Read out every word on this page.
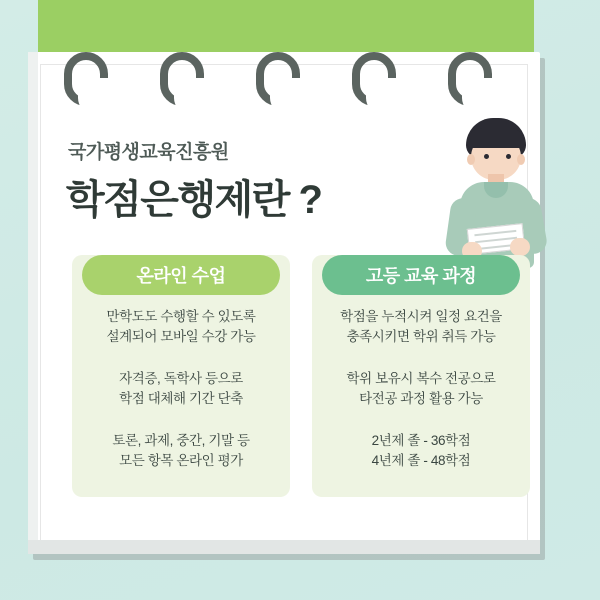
국가평생교육진흥원
학점은행제란 ?
온라인 수업
만학도도 수행할 수 있도록
설계되어 모바일 수강 가능
자격증, 독학사 등으로
학점 대체해 기간 단축
토론, 과제, 중간, 기말 등
모든 항목 온라인 평가
고등 교육 과정
학점을 누적시켜 일정 요건을
충족시키면 학위 취득 가능
학위 보유시 복수 전공으로
타전공 과정 활용 가능
2년제 졸 - 36학점
4년제 졸 - 48학점
